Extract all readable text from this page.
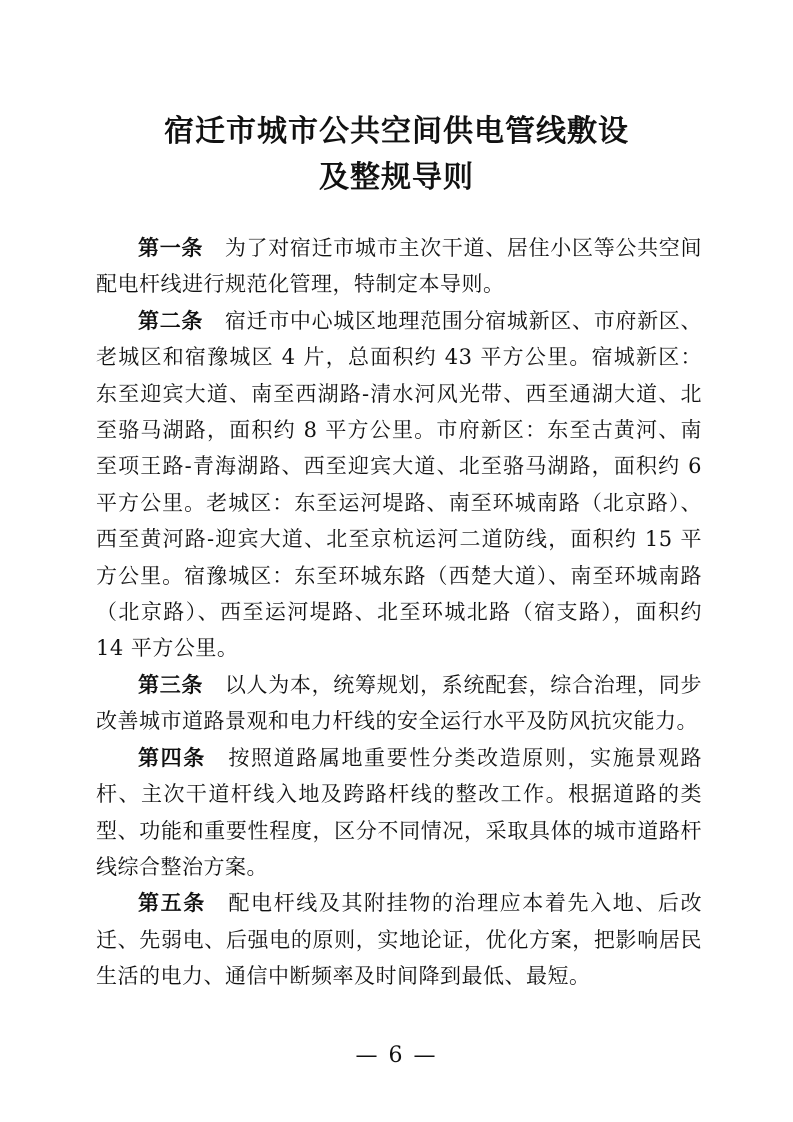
宿迁市城市公共空间供电管线敷设
及整规导则

第一条　 为了对宿迁市城市主次干道、居住小区等公共空间配电杆线进行规范化管理，特制定本导则。

第二条　 宿迁市中心城区地理范围分宿城新区、市府新区、老城区和宿豫城区 4 片，总面积约 43 平方公里。宿城新区：东至迎宾大道、南至西湖路-清水河风光带、西至通湖大道、北至骆马湖路，面积约 8 平方公里。市府新区：东至古黄河、南至项王路-青海湖路、西至迎宾大道、北至骆马湖路，面积约 6 平方公里。老城区：东至运河堤路、南至环城南路（北京路）、西至黄河路-迎宾大道、北至京杭运河二道防线，面积约 15 平方公里。宿豫城区：东至环城东路（西楚大道）、南至环城南路（北京路）、西至运河堤路、北至环城北路（宿支路），面积约 14 平方公里。

第三条　 以人为本，统筹规划，系统配套，综合治理，同步改善城市道路景观和电力杆线的安全运行水平及防风抗灾能力。

第四条　 按照道路属地重要性分类改造原则，实施景观路杆、主次干道杆线入地及跨路杆线的整改工作。根据道路的类型、功能和重要性程度，区分不同情况，采取具体的城市道路杆线综合整治方案。

第五条　 配电杆线及其附挂物的治理应本着先入地、后改迁、先弱电、后强电的原则，实地论证，优化方案，把影响居民生活的电力、通信中断频率及时间降到最低、最短。

— 6 —
